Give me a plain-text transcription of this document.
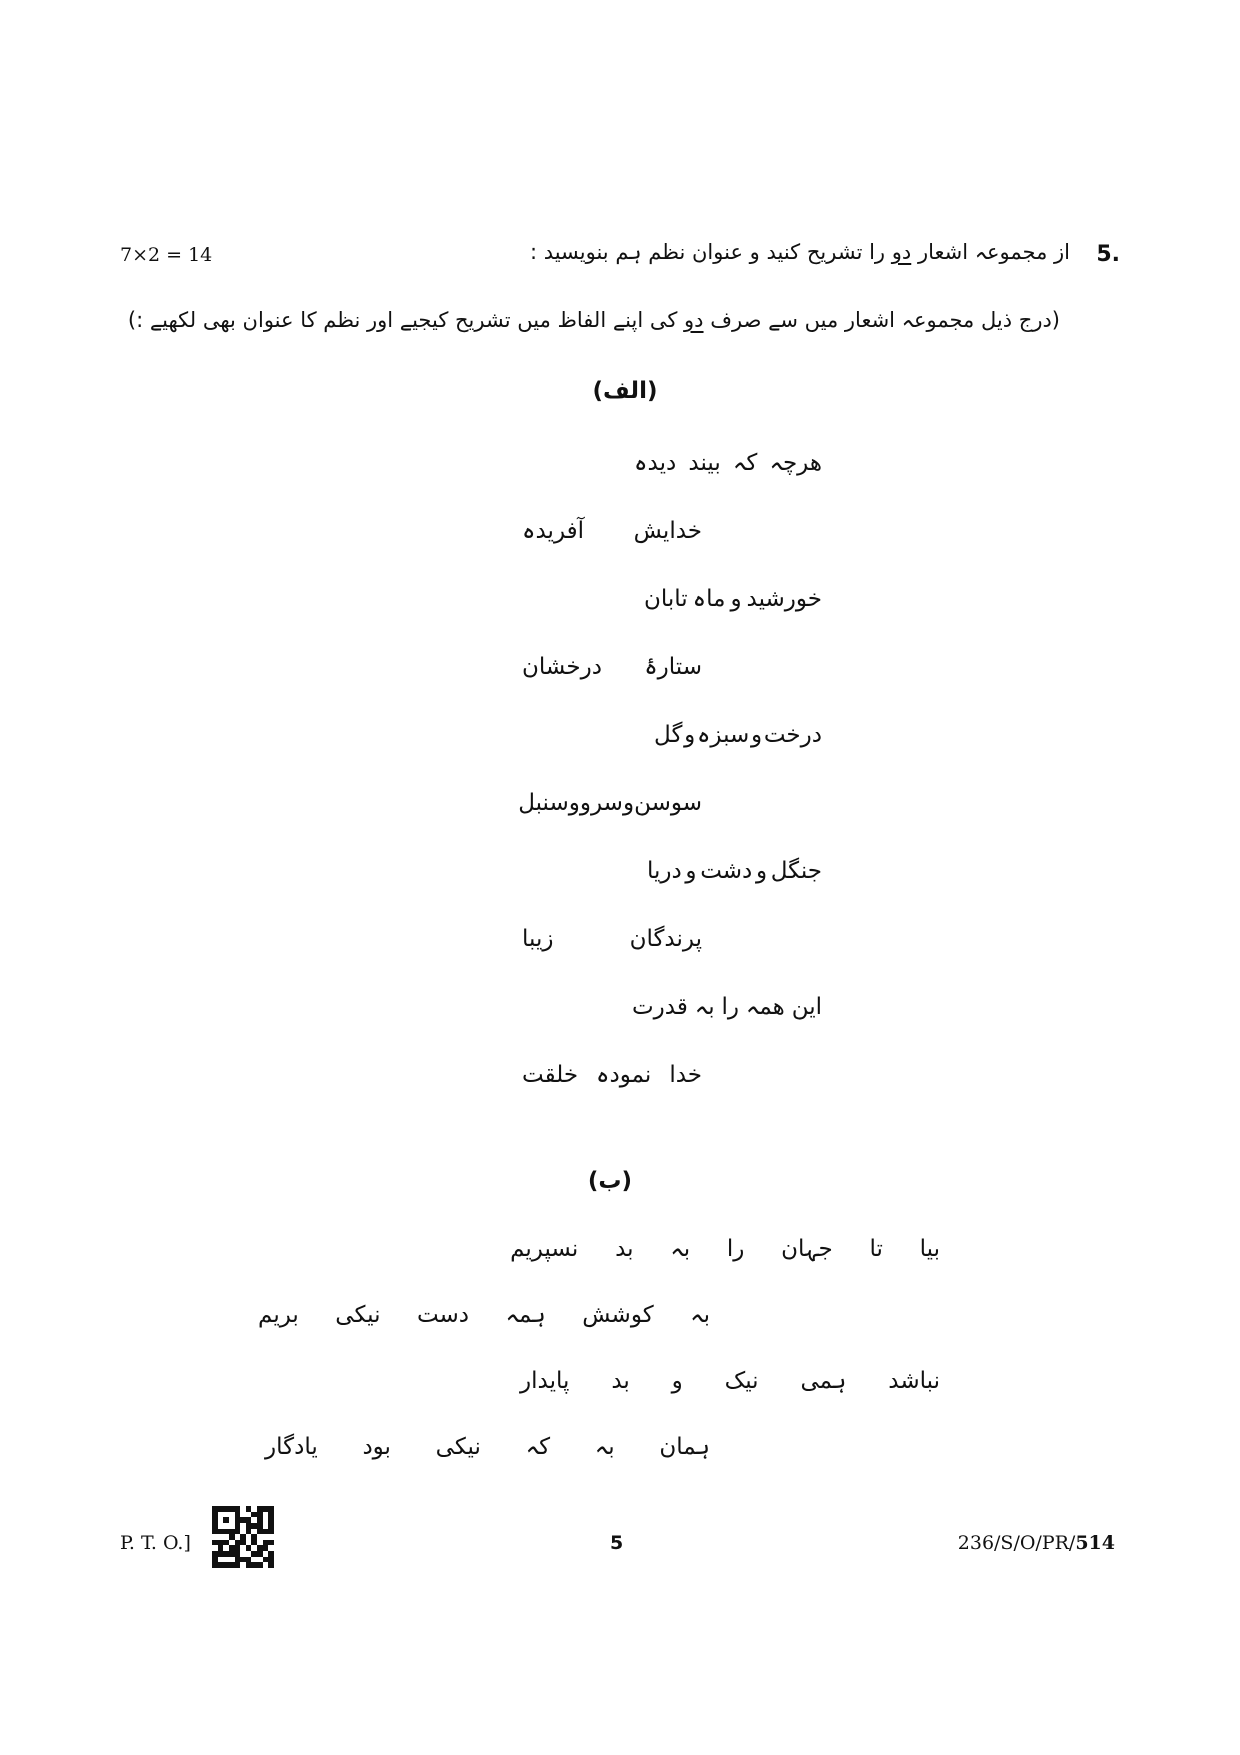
5.
از مجموعہ اشعار دو را تشریح کنید و عنوان نظم ہم بنویسید :
7×2 = 14
(درج ذیل مجموعہ اشعار میں سے صرف دو کی اپنے الفاظ میں تشریح کیجیے اور نظم کا عنوان بھی لکھیے :)
(الف)
ھرچہ
کہ
بیند
دیدہ
خدایش
آفریدہ
خورشید
و
ماہ
تابان
ستارۂ
درخشان
درخت
و
سبزہ
و
گل
سوسن
و
سرو
و
سنبل
جنگل
و
دشت
و
دریا
پرندگان
زیبا
این
ھمہ
را
بہ
قدرت
خدا
نمودہ
خلقت
(ب)
بیا
تا
جہان
را
بہ
بد
نسپریم
بہ
کوشش
ہمہ
دست
نیکی
بریم
نباشد
ہمی
نیک
و
بد
پایدار
ہمان
بہ
کہ
نیکی
بود
یادگار
P. T. O.]	5	236/S/O/PR/514
